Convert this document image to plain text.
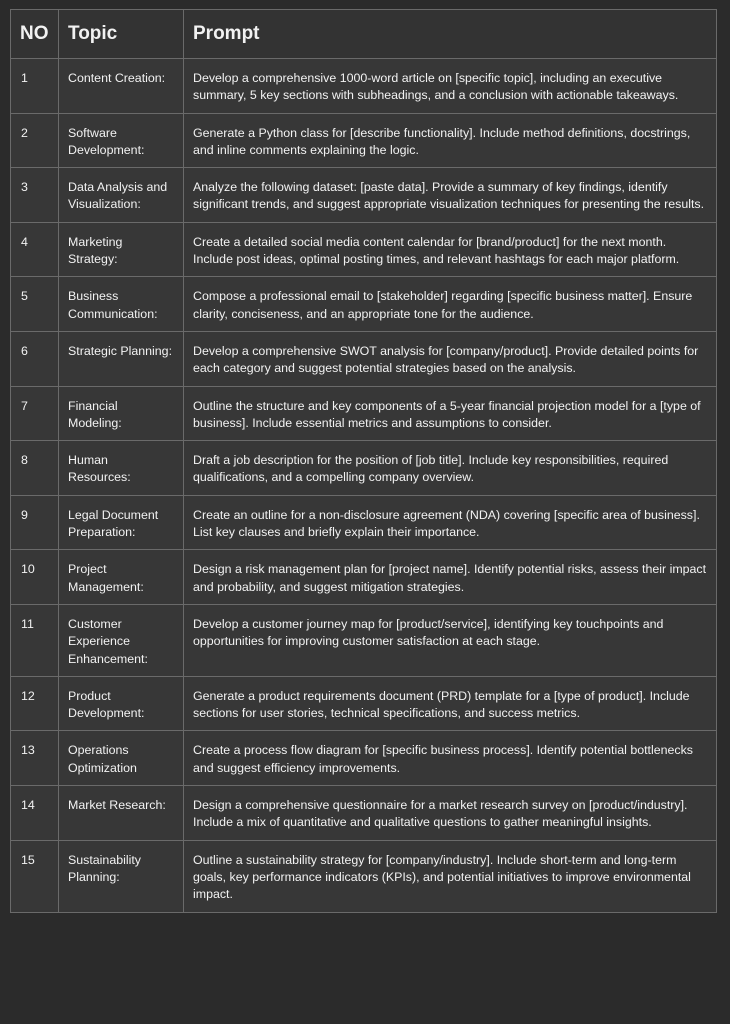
NO	Topic	Prompt
1	Content Creation:	Develop a comprehensive 1000-word article on [specific topic], including an executive summary, 5 key sections with subheadings, and a conclusion with actionable takeaways.
2	Software Development:	Generate a Python class for [describe functionality]. Include method definitions, docstrings, and inline comments explaining the logic.
3	Data Analysis and Visualization:	Analyze the following dataset: [paste data]. Provide a summary of key findings, identify significant trends, and suggest appropriate visualization techniques for presenting the results.
4	Marketing Strategy:	Create a detailed social media content calendar for [brand/product] for the next month. Include post ideas, optimal posting times, and relevant hashtags for each major platform.
5	Business Communication:	Compose a professional email to [stakeholder] regarding [specific business matter]. Ensure clarity, conciseness, and an appropriate tone for the audience.
6	Strategic Planning:	Develop a comprehensive SWOT analysis for [company/product]. Provide detailed points for each category and suggest potential strategies based on the analysis.
7	Financial Modeling:	Outline the structure and key components of a 5-year financial projection model for a [type of business]. Include essential metrics and assumptions to consider.
8	Human Resources:	Draft a job description for the position of [job title]. Include key responsibilities, required qualifications, and a compelling company overview.
9	Legal Document Preparation:	Create an outline for a non-disclosure agreement (NDA) covering [specific area of business]. List key clauses and briefly explain their importance.
10	Project Management:	Design a risk management plan for [project name]. Identify potential risks, assess their impact and probability, and suggest mitigation strategies.
11	Customer Experience Enhancement:	Develop a customer journey map for [product/service], identifying key touchpoints and opportunities for improving customer satisfaction at each stage.
12	Product Development:	Generate a product requirements document (PRD) template for a [type of product]. Include sections for user stories, technical specifications, and success metrics.
13	Operations Optimization	Create a process flow diagram for [specific business process]. Identify potential bottlenecks and suggest efficiency improvements.
14	Market Research:	Design a comprehensive questionnaire for a market research survey on [product/industry]. Include a mix of quantitative and qualitative questions to gather meaningful insights.
15	Sustainability Planning:	Outline a sustainability strategy for [company/industry]. Include short-term and long-term goals, key performance indicators (KPIs), and potential initiatives to improve environmental impact.
